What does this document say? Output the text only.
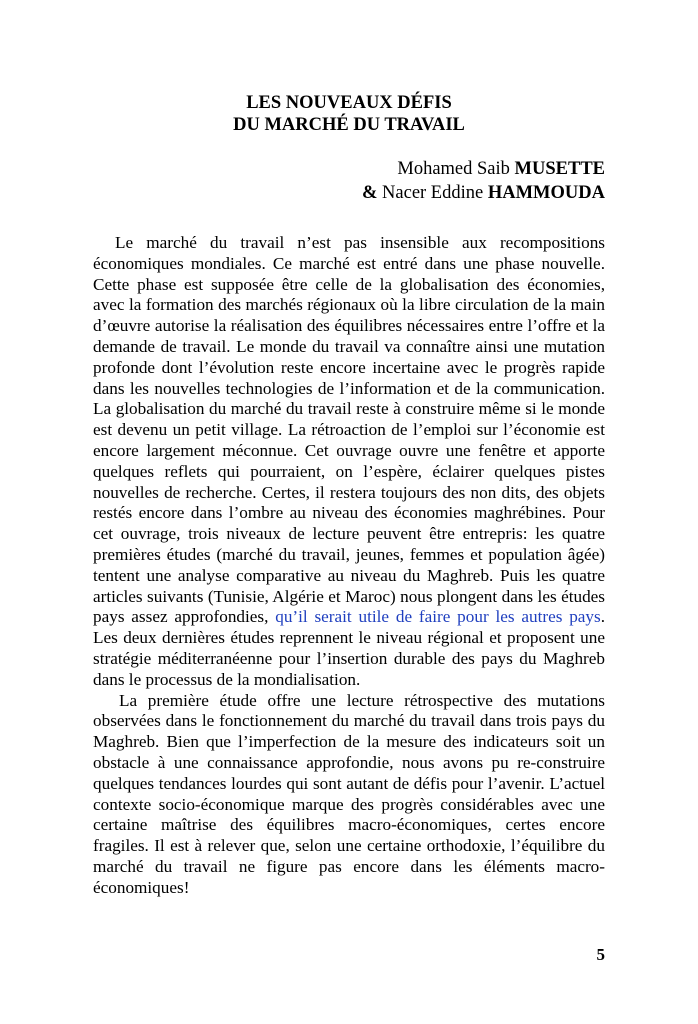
LES NOUVEAUX DÉFIS
DU MARCHÉ DU TRAVAIL
Mohamed Saib MUSETTE
& Nacer Eddine HAMMOUDA

Le marché du travail n’est pas insensible aux recompositions économiques mondiales. Ce marché est entré dans une phase nouvelle. Cette phase est supposée être celle de la globalisation des économies, avec la formation des marchés régionaux où la libre circulation de la main d’œuvre autorise la réalisation des équilibres nécessaires entre l’offre et la demande de travail. Le monde du travail va connaître ainsi une mutation profonde dont l’évolution reste encore incertaine avec le progrès rapide dans les nouvelles technologies de l’information et de la communication. La globalisation du marché du travail reste à construire même si le monde est devenu un petit village. La rétroaction de l’emploi sur l’économie est encore largement méconnue. Cet ouvrage ouvre une fenêtre et apporte quelques reflets qui pourraient, on l’espère, éclairer quelques pistes nouvelles de recherche. Certes, il restera toujours des non dits, des objets restés encore dans l’ombre au niveau des économies maghrébines. Pour cet ouvrage, trois niveaux de lecture peuvent être entrepris: les quatre premières études (marché du travail, jeunes, femmes et population âgée) tentent une analyse comparative au niveau du Maghreb. Puis les quatre articles suivants (Tunisie, Algérie et Maroc) nous plongent dans les études pays assez approfondies, qu’il serait utile de faire pour les autres pays. Les deux dernières études reprennent le niveau régional et proposent une stratégie méditerranéenne pour l’insertion durable des pays du Maghreb dans le processus de la mondialisation.

La première étude offre une lecture rétrospective des mutations observées dans le fonctionnement du marché du travail dans trois pays du Maghreb. Bien que l’imperfection de la mesure des indicateurs soit un obstacle à une connaissance approfondie, nous avons pu re-construire quelques tendances lourdes qui sont autant de défis pour l’avenir. L’actuel contexte socio-économique marque des progrès considérables avec une certaine maîtrise des équilibres macro-économiques, certes encore fragiles. Il est à relever que, selon une certaine orthodoxie, l’équilibre du marché du travail ne figure pas encore dans les éléments macro-économiques!

5
